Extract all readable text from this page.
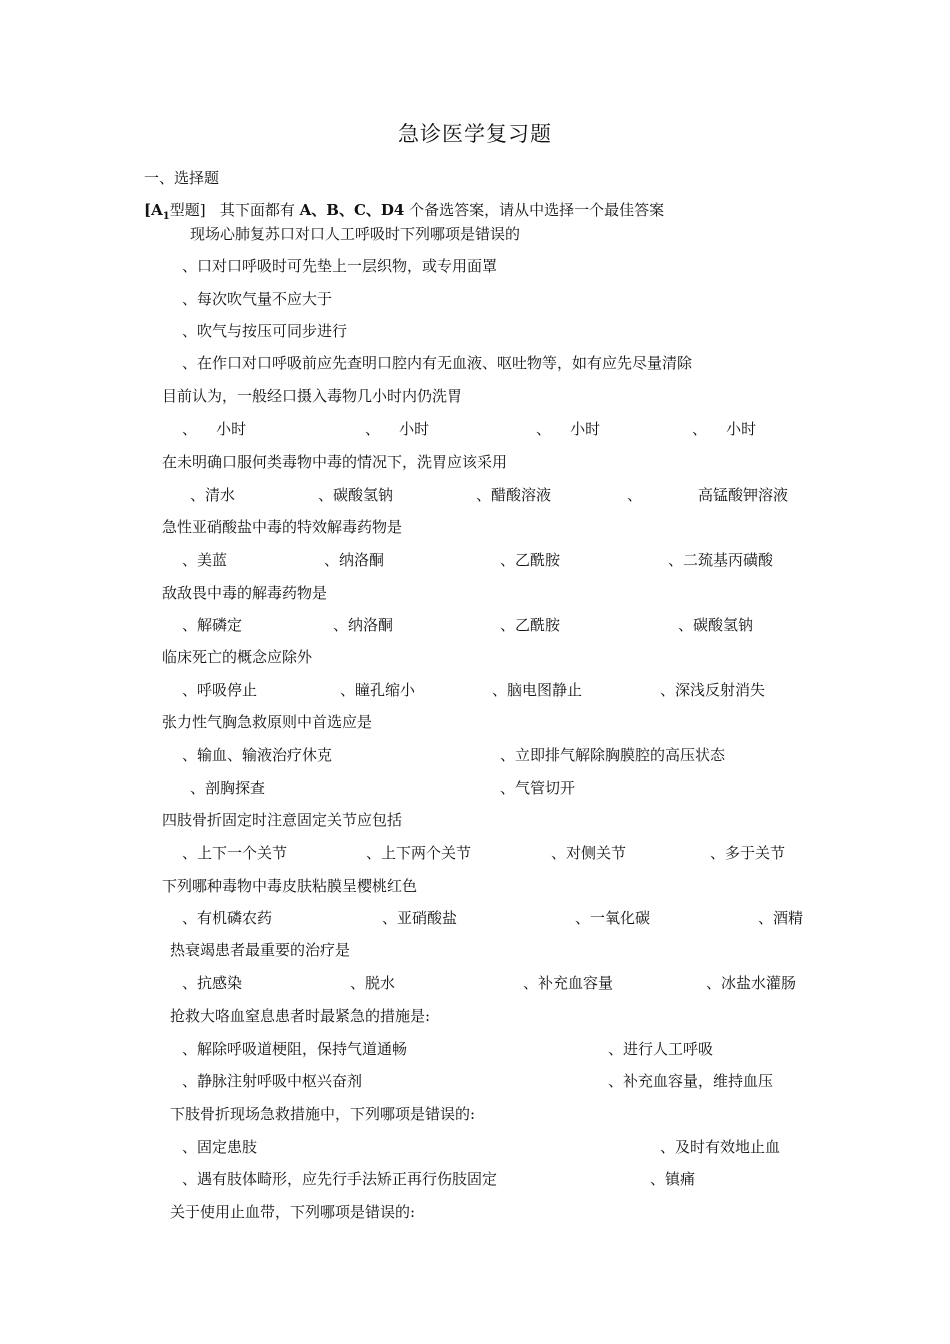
急诊医学复习题
一、选择题
[$A_1$型题] 其下面都有 A、B、C、D4 个备选答案，请从中选择一个最佳答案
现场心肺复苏口对口人工呼吸时下列哪项是错误的
、口对口呼吸时可先垫上一层织物，或专用面罩
、每次吹气量不应大于
、吹气与按压可同步进行
、在作口对口呼吸前应先查明口腔内有无血液、呕吐物等，如有应先尽量清除
目前认为，一般经口摄入毒物几小时内仍洗胃
、    小时	、    小时	、    小时	、    小时
在未明确口服何类毒物中毒的情况下，洗胃应该采用
、清水	、碳酸氢钠	、醋酸溶液	、	高锰酸钾溶液
急性亚硝酸盐中毒的特效解毒药物是
、美蓝	、纳洛酮	、乙酰胺	、二巯基丙磺酸
敌敌畏中毒的解毒药物是
、解磷定	、纳洛酮	、乙酰胺	、碳酸氢钠
临床死亡的概念应除外
、呼吸停止	、瞳孔缩小	、脑电图静止	、深浅反射消失
张力性气胸急救原则中首选应是
、输血、输液治疗休克	、立即排气解除胸膜腔的高压状态
、剖胸探查	、气管切开
四肢骨折固定时注意固定关节应包括
、上下一个关节	、上下两个关节	、对侧关节	、多于关节
下列哪种毒物中毒皮肤粘膜呈樱桃红色
、有机磷农药	、亚硝酸盐	、一氧化碳	、酒精
热衰竭患者最重要的治疗是
、抗感染	、脱水	、补充血容量	、冰盐水灌肠
抢救大咯血窒息患者时最紧急的措施是:
、解除呼吸道梗阻，保持气道通畅	、进行人工呼吸
、静脉注射呼吸中枢兴奋剂	、补充血容量，维持血压
下肢骨折现场急救措施中，下列哪项是错误的:
、固定患肢	、及时有效地止血
、遇有肢体畸形，应先行手法矫正再行伤肢固定	、镇痛
关于使用止血带，下列哪项是错误的:
